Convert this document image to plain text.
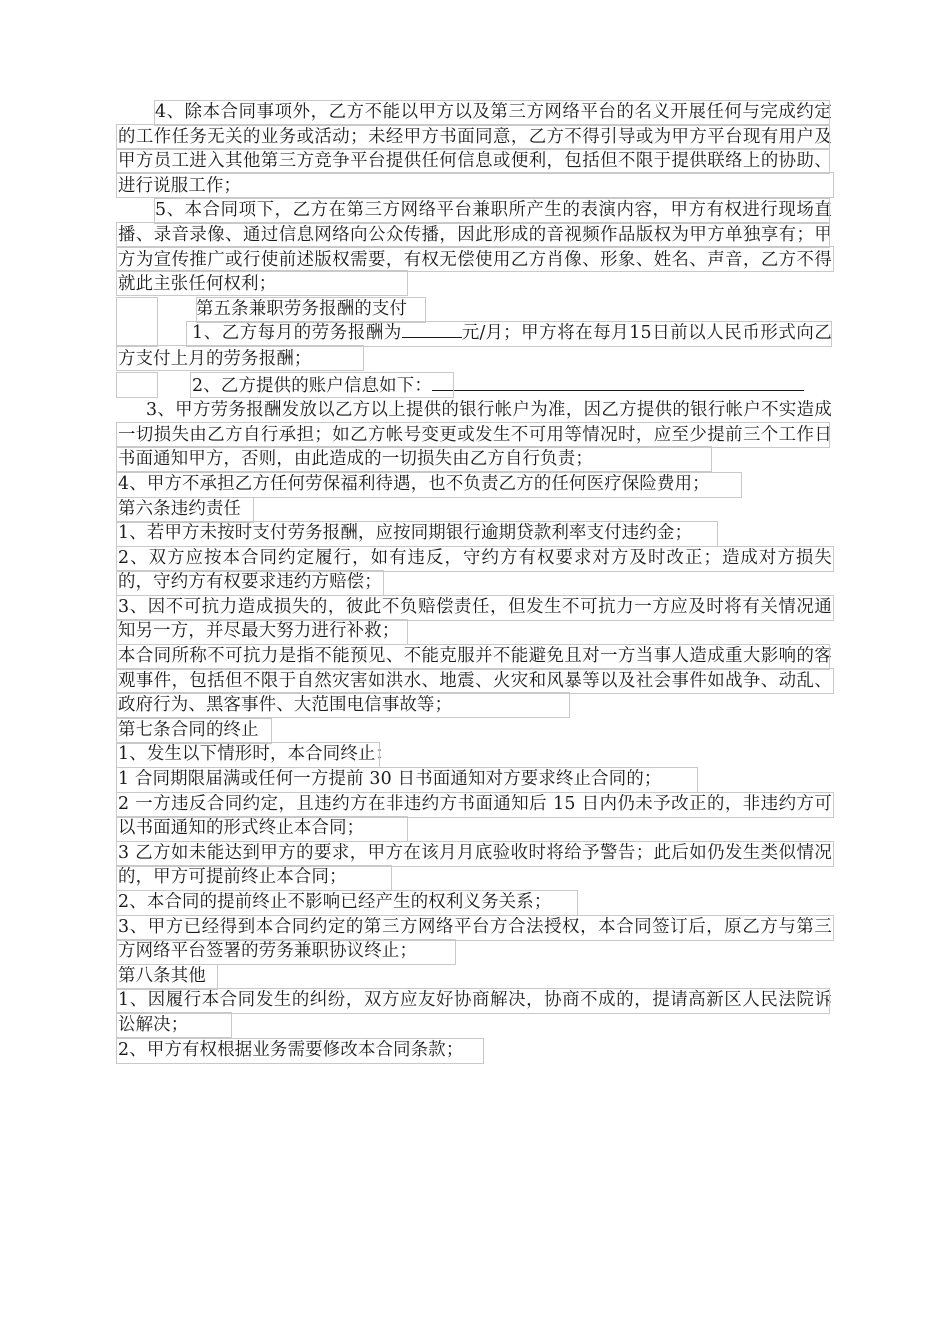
4、除本合同事项外，乙方不能以甲方以及第三方网络平台的名义开展任何与完成约定的工作任务无关的业务或活动；未经甲方书面同意，乙方不得引导或为甲方平台现有用户及甲方员工进入其他第三方竞争平台提供任何信息或便利，包括但不限于提供联络上的协助、进行说服工作；
5、本合同项下，乙方在第三方网络平台兼职所产生的表演内容，甲方有权进行现场直播、录音录像、通过信息网络向公众传播，因此形成的音视频作品版权为甲方单独享有；甲方为宣传推广或行使前述版权需要，有权无偿使用乙方肖像、形象、姓名、声音，乙方不得就此主张任何权利；
第五条兼职劳务报酬的支付
1、乙方每月的劳务报酬为	元/月；甲方将在每月15日前以人民币形式向乙方支付上月的劳务报酬；
2、乙方提供的账户信息如下：
3、甲方劳务报酬发放以乙方以上提供的银行帐户为准，因乙方提供的银行帐户不实造成一切损失由乙方自行承担；如乙方帐号变更或发生不可用等情况时，应至少提前三个工作日书面通知甲方，否则，由此造成的一切损失由乙方自行负责；
4、甲方不承担乙方任何劳保福利待遇，也不负责乙方的任何医疗保险费用；
第六条违约责任
1、若甲方未按时支付劳务报酬，应按同期银行逾期贷款利率支付违约金；
2、双方应按本合同约定履行，如有违反，守约方有权要求对方及时改正；造成对方损失的，守约方有权要求违约方赔偿；
3、因不可抗力造成损失的，彼此不负赔偿责任，但发生不可抗力一方应及时将有关情况通知另一方，并尽最大努力进行补救；
本合同所称不可抗力是指不能预见、不能克服并不能避免且对一方当事人造成重大影响的客观事件，包括但不限于自然灾害如洪水、地震、火灾和风暴等以及社会事件如战争、动乱、政府行为、黑客事件、大范围电信事故等；
第七条合同的终止
1、发生以下情形时，本合同终止：
1 合同期限届满或任何一方提前 30 日书面通知对方要求终止合同的；
2 一方违反合同约定，且违约方在非违约方书面通知后 15 日内仍未予改正的，非违约方可以书面通知的形式终止本合同；
3 乙方如未能达到甲方的要求，甲方在该月月底验收时将给予警告；此后如仍发生类似情况的，甲方可提前终止本合同；
2、本合同的提前终止不影响已经产生的权利义务关系；
3、甲方已经得到本合同约定的第三方网络平台方合法授权，本合同签订后，原乙方与第三方网络平台签署的劳务兼职协议终止；
第八条其他
1、因履行本合同发生的纠纷，双方应友好协商解决，协商不成的，提请高新区人民法院诉讼解决；
2、甲方有权根据业务需要修改本合同条款；
